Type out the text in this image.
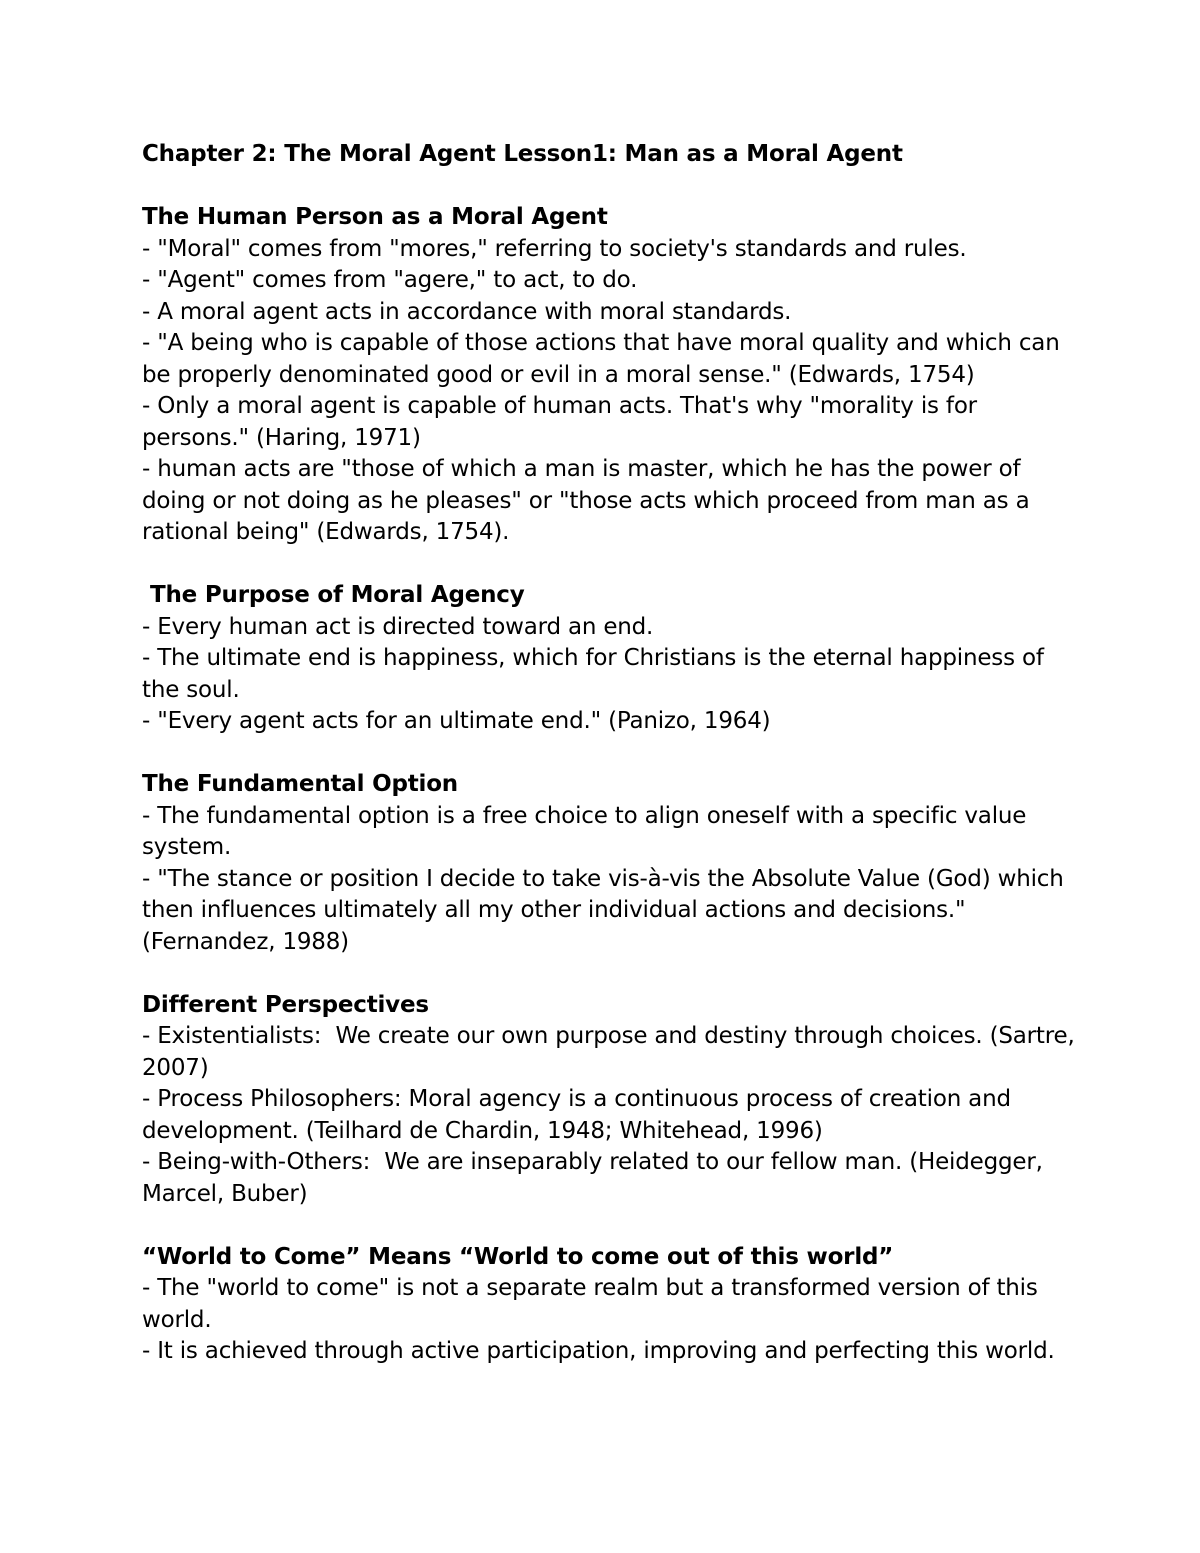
Chapter 2: The Moral Agent Lesson1: Man as a Moral Agent
The Human Person as a Moral Agent
- "Moral" comes from "mores," referring to society's standards and rules.
- "Agent" comes from "agere," to act, to do.
- A moral agent acts in accordance with moral standards.
- "A being who is capable of those actions that have moral quality and which can be properly denominated good or evil in a moral sense." (Edwards, 1754)
- Only a moral agent is capable of human acts. That's why "morality is for persons." (Haring, 1971)
- human acts are "those of which a man is master, which he has the power of doing or not doing as he pleases" or "those acts which proceed from man as a rational being" (Edwards, 1754).
The Purpose of Moral Agency
- Every human act is directed toward an end.
- The ultimate end is happiness, which for Christians is the eternal happiness of the soul.
- "Every agent acts for an ultimate end." (Panizo, 1964)
The Fundamental Option
- The fundamental option is a free choice to align oneself with a specific value system.
- "The stance or position I decide to take vis-à-vis the Absolute Value (God) which then influences ultimately all my other individual actions and decisions." (Fernandez, 1988)
Different Perspectives
- Existentialists:  We create our own purpose and destiny through choices. (Sartre, 2007)
- Process Philosophers: Moral agency is a continuous process of creation and development. (Teilhard de Chardin, 1948; Whitehead, 1996)
- Being-with-Others:  We are inseparably related to our fellow man. (Heidegger, Marcel, Buber)
“World to Come” Means “World to come out of this world”
- The "world to come" is not a separate realm but a transformed version of this world.
- It is achieved through active participation, improving and perfecting this world.
